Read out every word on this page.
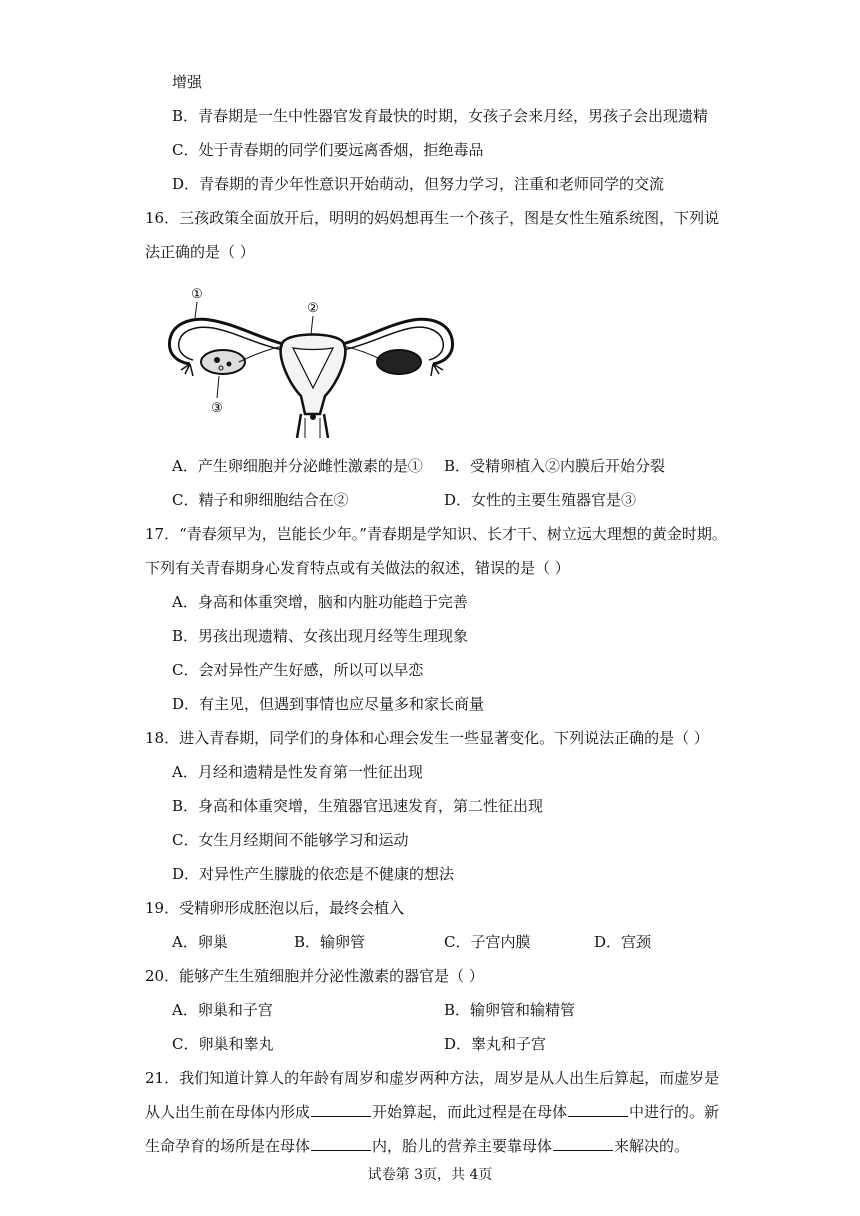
增强
B．青春期是一生中性器官发育最快的时期，女孩子会来月经，男孩子会出现遗精
C．处于青春期的同学们要远离香烟，拒绝毒品
D．青春期的青少年性意识开始萌动，但努力学习，注重和老师同学的交流
16．三孩政策全面放开后，明明的妈妈想再生一个孩子，图是女性生殖系统图，下列说
法正确的是（ ）
①
②
③
A．产生卵细胞并分泌雌性激素的是① B．受精卵植入②内膜后开始分裂
C．精子和卵细胞结合在②	D．女性的主要生殖器官是③
17．“青春须早为，岂能长少年。”青春期是学知识、长才干、树立远大理想的黄金时期。
下列有关青春期身心发育特点或有关做法的叙述，错误的是（ ）
A．身高和体重突增，脑和内脏功能趋于完善
B．男孩出现遗精、女孩出现月经等生理现象
C．会对异性产生好感，所以可以早恋
D．有主见，但遇到事情也应尽量多和家长商量
18．进入青春期，同学们的身体和心理会发生一些显著变化。下列说法正确的是（ ）
A．月经和遗精是性发育第一性征出现
B．身高和体重突增，生殖器官迅速发育，第二性征出现
C．女生月经期间不能够学习和运动
D．对异性产生朦胧的依恋是不健康的想法
19．受精卵形成胚泡以后，最终会植入
A．卵巢	B．输卵管	C．子宫内膜	D．宫颈
20．能够产生生殖细胞并分泌性激素的器官是（ ）
A．卵巢和子宫	B．输卵管和输精管
C．卵巢和睾丸	D．睾丸和子宫
21．我们知道计算人的年龄有周岁和虚岁两种方法，周岁是从人出生后算起，而虚岁是
从人出生前在母体内形成	开始算起，而此过程是在母体	中进行的。新
生命孕育的场所是在母体	内，胎儿的营养主要靠母体	来解决的。
试卷第 3页，共 4页
